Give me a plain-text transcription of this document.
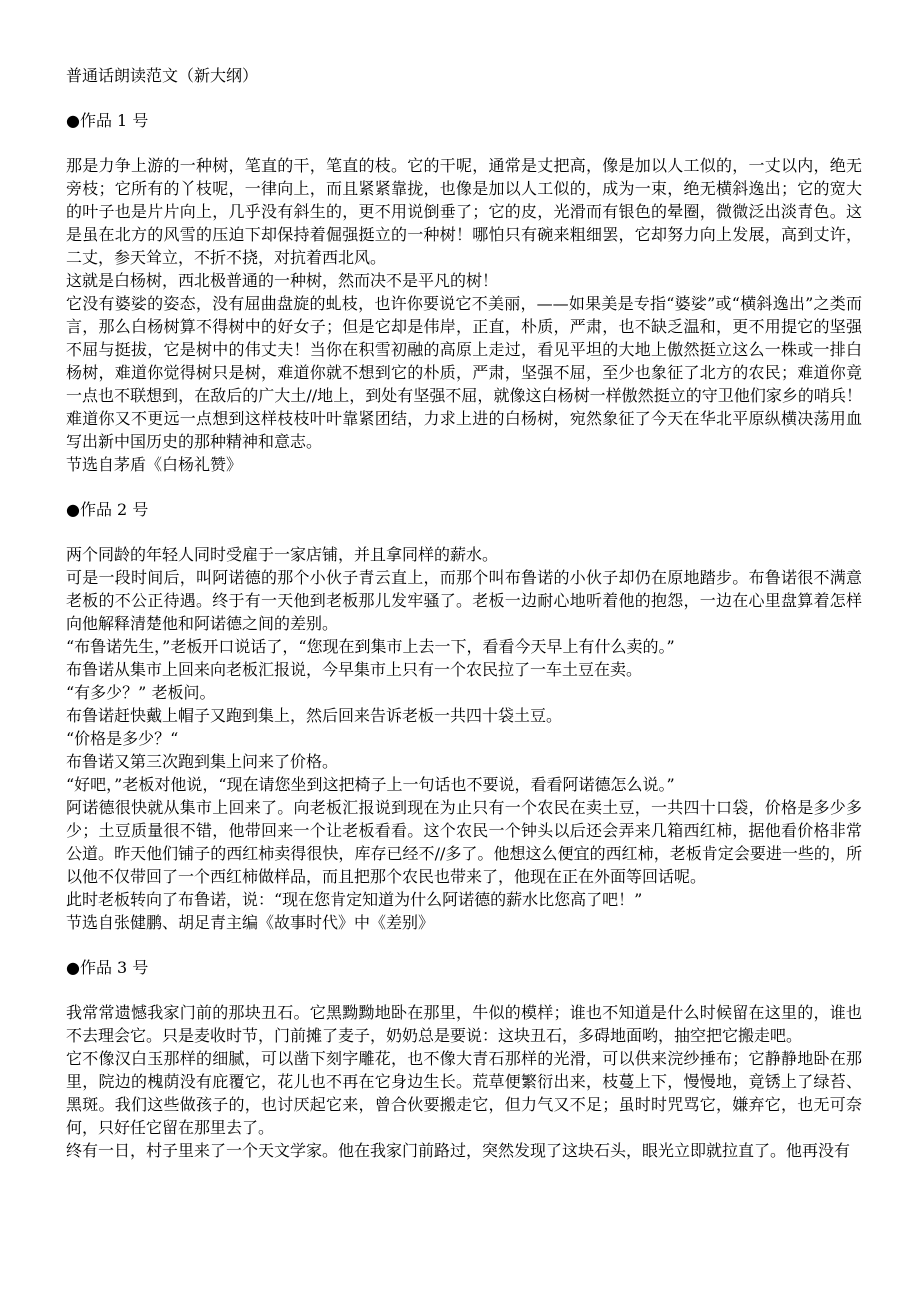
普通话朗读范文（新大纲）
●作品 1 号

那是力争上游的一种树，笔直的干，笔直的枝。它的干呢，通常是丈把高，像是加以人工似的，一丈以内，绝无旁枝；它所有的丫枝呢，一律向上，而且紧紧靠拢，也像是加以人工似的，成为一束，绝无横斜逸出；它的宽大的叶子也是片片向上，几乎没有斜生的，更不用说倒垂了；它的皮，光滑而有银色的晕圈，微微泛出淡青色。这是虽在北方的风雪的压迫下却保持着倔强挺立的一种树！哪怕只有碗来粗细罢，它却努力向上发展，高到丈许，二丈，参天耸立，不折不挠，对抗着西北风。

这就是白杨树，西北极普通的一种树，然而决不是平凡的树！

它没有婆娑的姿态，没有屈曲盘旋的虬枝，也许你要说它不美丽，——如果美是专指“婆娑”或“横斜逸出”之类而言，那么白杨树算不得树中的好女子；但是它却是伟岸，正直，朴质，严肃，也不缺乏温和，更不用提它的坚强不屈与挺拔，它是树中的伟丈夫！当你在积雪初融的高原上走过，看见平坦的大地上傲然挺立这么一株或一排白杨树，难道你觉得树只是树，难道你就不想到它的朴质，严肃，坚强不屈，至少也象征了北方的农民；难道你竟一点也不联想到，在敌后的广大土//地上，到处有坚强不屈，就像这白杨树一样傲然挺立的守卫他们家乡的哨兵！难道你又不更远一点想到这样枝枝叶叶靠紧团结，力求上进的白杨树，宛然象征了今天在华北平原纵横决荡用血写出新中国历史的那种精神和意志。

节选自茅盾《白杨礼赞》

●作品 2 号

两个同龄的年轻人同时受雇于一家店铺，并且拿同样的薪水。

可是一段时间后，叫阿诺德的那个小伙子青云直上，而那个叫布鲁诺的小伙子却仍在原地踏步。布鲁诺很不满意老板的不公正待遇。终于有一天他到老板那儿发牢骚了。老板一边耐心地听着他的抱怨，一边在心里盘算着怎样向他解释清楚他和阿诺德之间的差别。

“布鲁诺先生，”老板开口说话了，“您现在到集市上去一下，看看今天早上有什么卖的。”

布鲁诺从集市上回来向老板汇报说，今早集市上只有一个农民拉了一车土豆在卖。

“有多少？” 老板问。

布鲁诺赶快戴上帽子又跑到集上，然后回来告诉老板一共四十袋土豆。

“价格是多少？“

布鲁诺又第三次跑到集上问来了价格。

“好吧，”老板对他说，“现在请您坐到这把椅子上一句话也不要说，看看阿诺德怎么说。”

阿诺德很快就从集市上回来了。向老板汇报说到现在为止只有一个农民在卖土豆，一共四十口袋，价格是多少多少；土豆质量很不错，他带回来一个让老板看看。这个农民一个钟头以后还会弄来几箱西红柿，据他看价格非常公道。昨天他们铺子的西红柿卖得很快，库存已经不//多了。他想这么便宜的西红柿，老板肯定会要进一些的，所以他不仅带回了一个西红柿做样品，而且把那个农民也带来了，他现在正在外面等回话呢。

此时老板转向了布鲁诺，说：“现在您肯定知道为什么阿诺德的薪水比您高了吧！”

节选自张健鹏、胡足青主编《故事时代》中《差别》

●作品 3 号

我常常遗憾我家门前的那块丑石。它黑黝黝地卧在那里，牛似的模样；谁也不知道是什么时候留在这里的，谁也不去理会它。只是麦收时节，门前摊了麦子，奶奶总是要说：这块丑石，多碍地面哟，抽空把它搬走吧。

它不像汉白玉那样的细腻，可以凿下刻字雕花，也不像大青石那样的光滑，可以供来浣纱捶布；它静静地卧在那里，院边的槐荫没有庇覆它，花儿也不再在它身边生长。荒草便繁衍出来，枝蔓上下，慢慢地，竟锈上了绿苔、黑斑。我们这些做孩子的，也讨厌起它来，曾合伙要搬走它，但力气又不足；虽时时咒骂它，嫌弃它，也无可奈何，只好任它留在那里去了。

终有一日，村子里来了一个天文学家。他在我家门前路过，突然发现了这块石头，眼光立即就拉直了。他再没有
